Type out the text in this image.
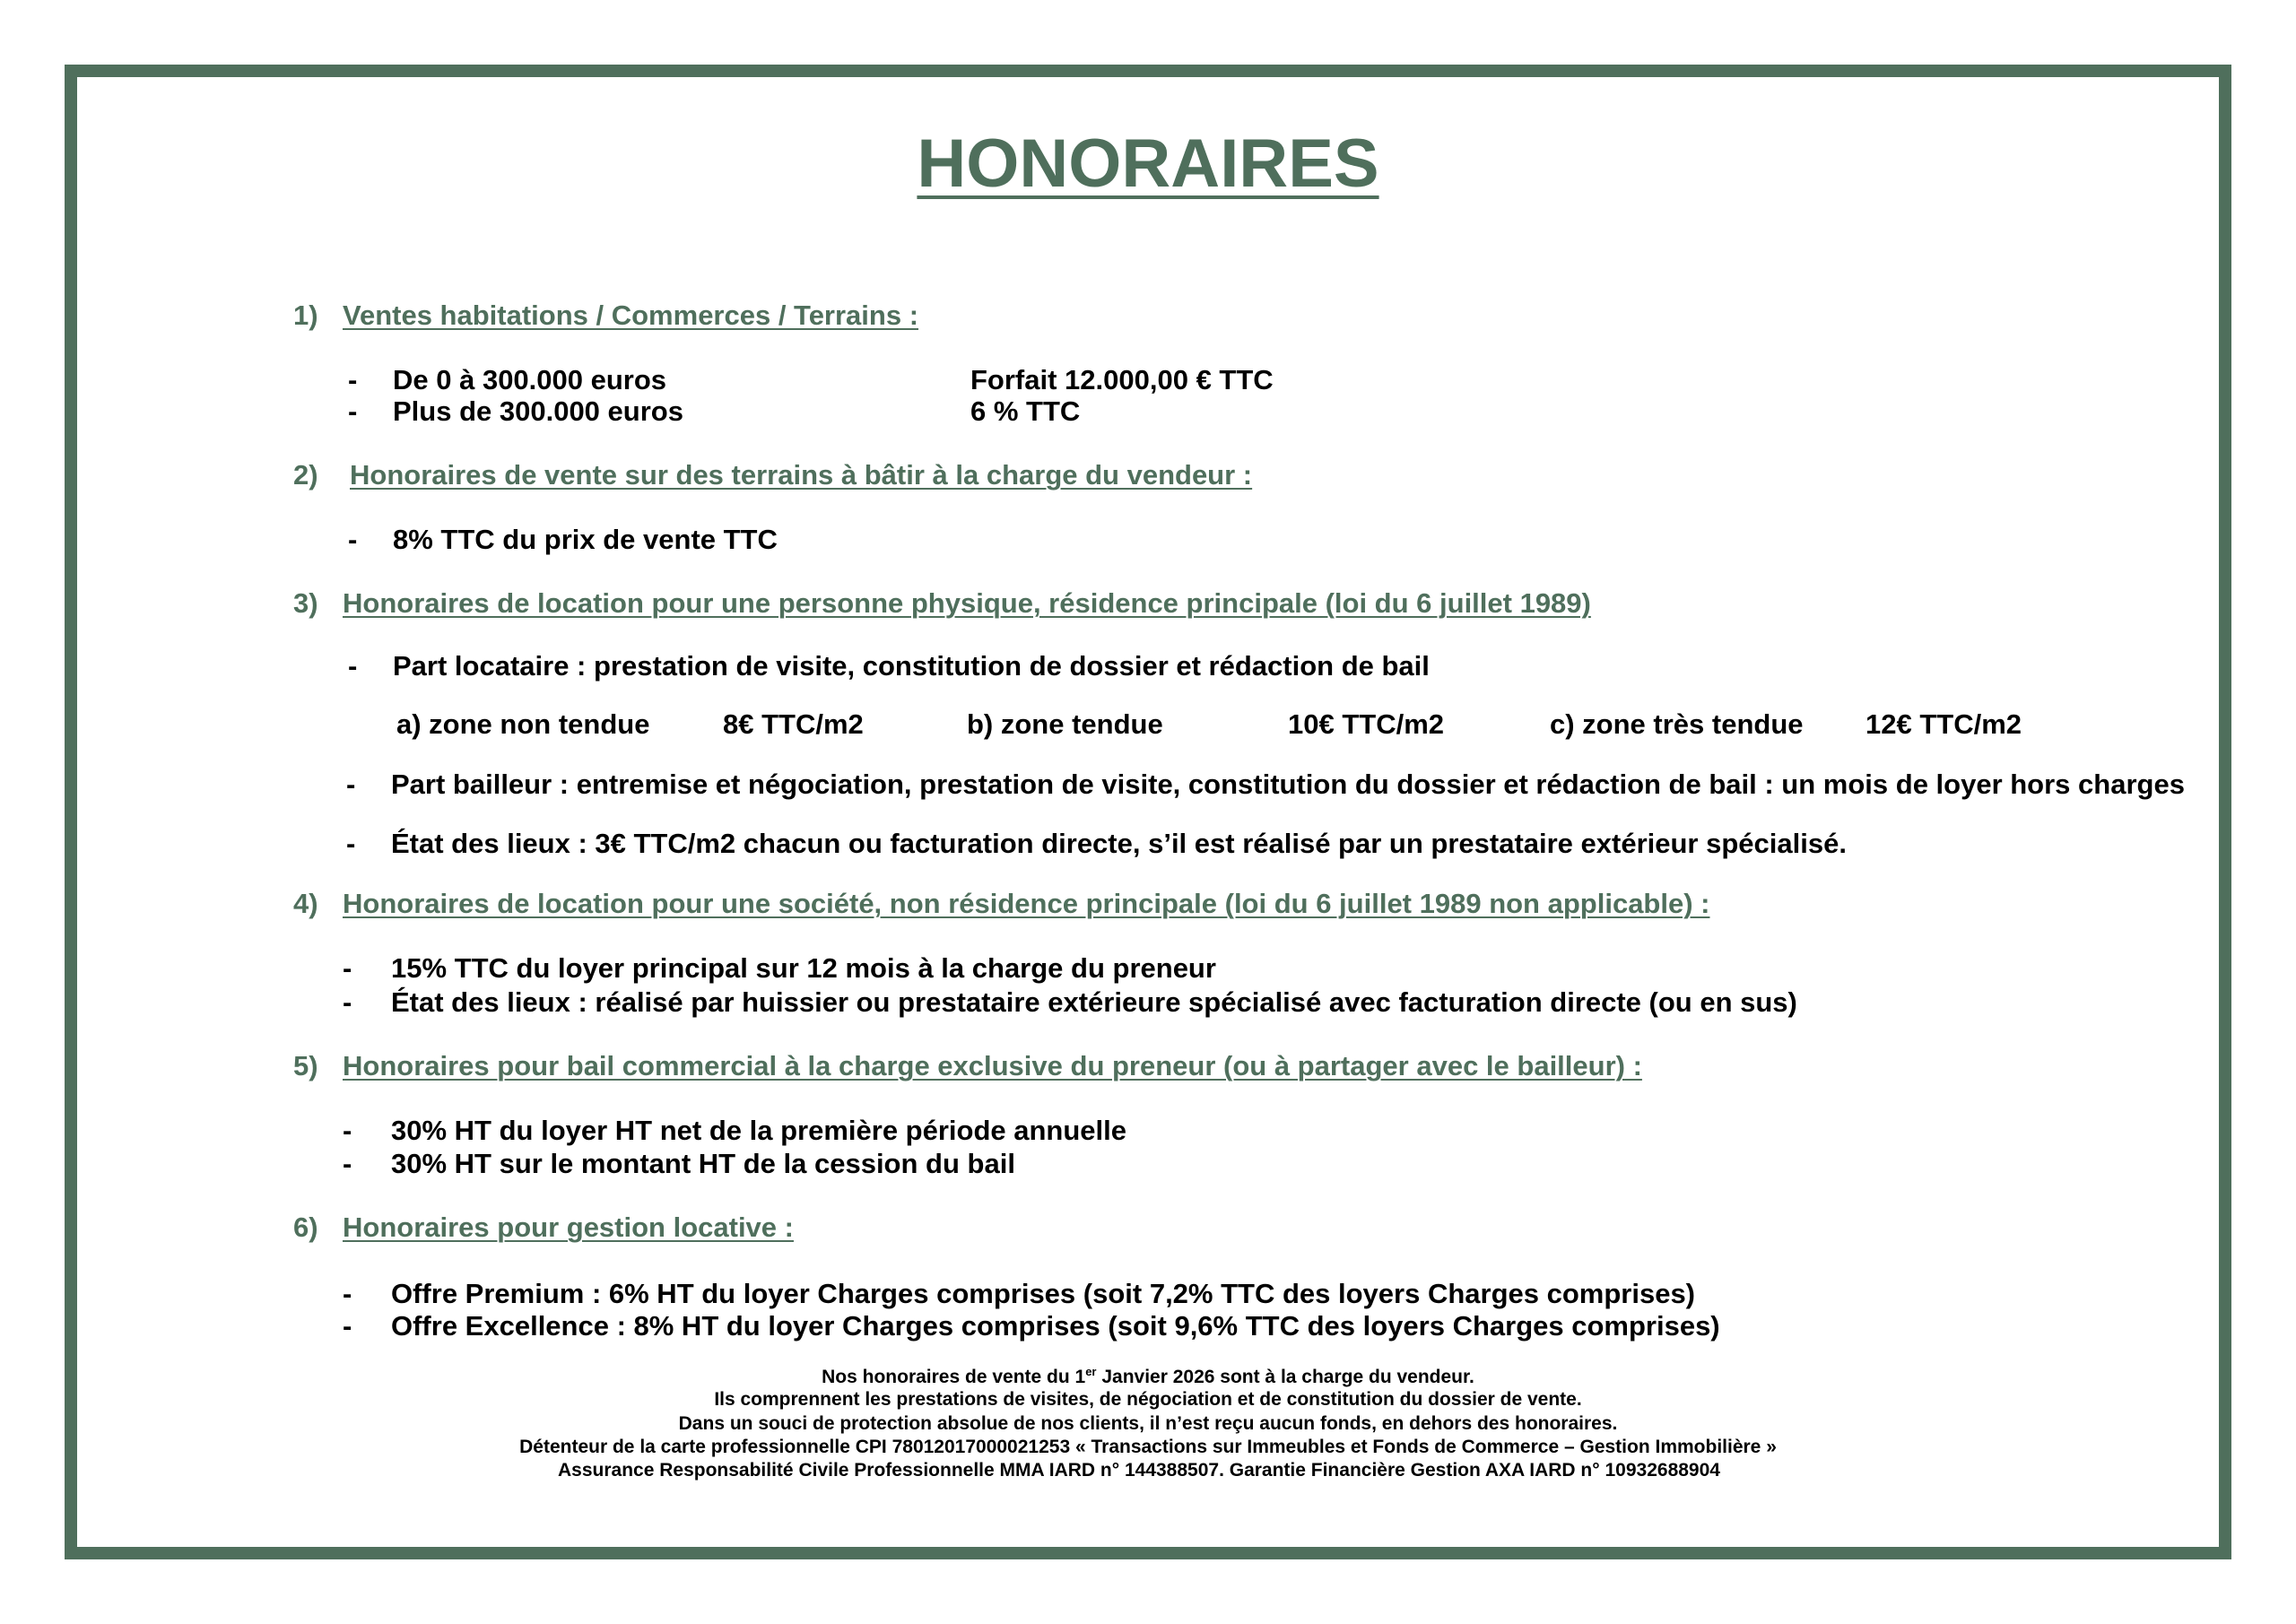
HONORAIRES
1) Ventes habitations / Commerces / Terrains :
- De 0 à 300.000 euros	Forfait 12.000,00 € TTC
- Plus de 300.000 euros	6 % TTC
2) Honoraires de vente sur des terrains à bâtir à la charge du vendeur :
- 8% TTC du prix de vente TTC
3) Honoraires de location pour une personne physique, résidence principale (loi du 6 juillet 1989)
- Part locataire : prestation de visite, constitution de dossier et rédaction de bail
a) zone non tendue	8€ TTC/m2	b) zone tendue	10€ TTC/m2	c) zone très tendue 12€ TTC/m2
- Part bailleur : entremise et négociation, prestation de visite, constitution du dossier et rédaction de bail : un mois de loyer hors charges
- État des lieux : 3€ TTC/m2 chacun ou facturation directe, s’il est réalisé par un prestataire extérieur spécialisé.
4) Honoraires de location pour une société, non résidence principale (loi du 6 juillet 1989 non applicable) :
- 15% TTC du loyer principal sur 12 mois à la charge du preneur
- État des lieux : réalisé par huissier ou prestataire extérieure spécialisé avec facturation directe (ou en sus)
5) Honoraires pour bail commercial à la charge exclusive du preneur (ou à partager avec le bailleur) :
- 30% HT du loyer HT net de la première période annuelle
- 30% HT sur le montant HT de la cession du bail
6) Honoraires pour gestion locative :
- Offre Premium : 6% HT du loyer Charges comprises (soit 7,2% TTC des loyers Charges comprises)
- Offre Excellence : 8% HT du loyer Charges comprises (soit 9,6% TTC des loyers Charges comprises)
Nos honoraires de vente du 1er Janvier 2026 sont à la charge du vendeur.
Ils comprennent les prestations de visites, de négociation et de constitution du dossier de vente.
Dans un souci de protection absolue de nos clients, il n’est reçu aucun fonds, en dehors des honoraires.
Détenteur de la carte professionnelle CPI 78012017000021253 « Transactions sur Immeubles et Fonds de Commerce – Gestion Immobilière »
Assurance Responsabilité Civile Professionnelle MMA IARD n° 144388507. Garantie Financière Gestion AXA IARD n° 10932688904
